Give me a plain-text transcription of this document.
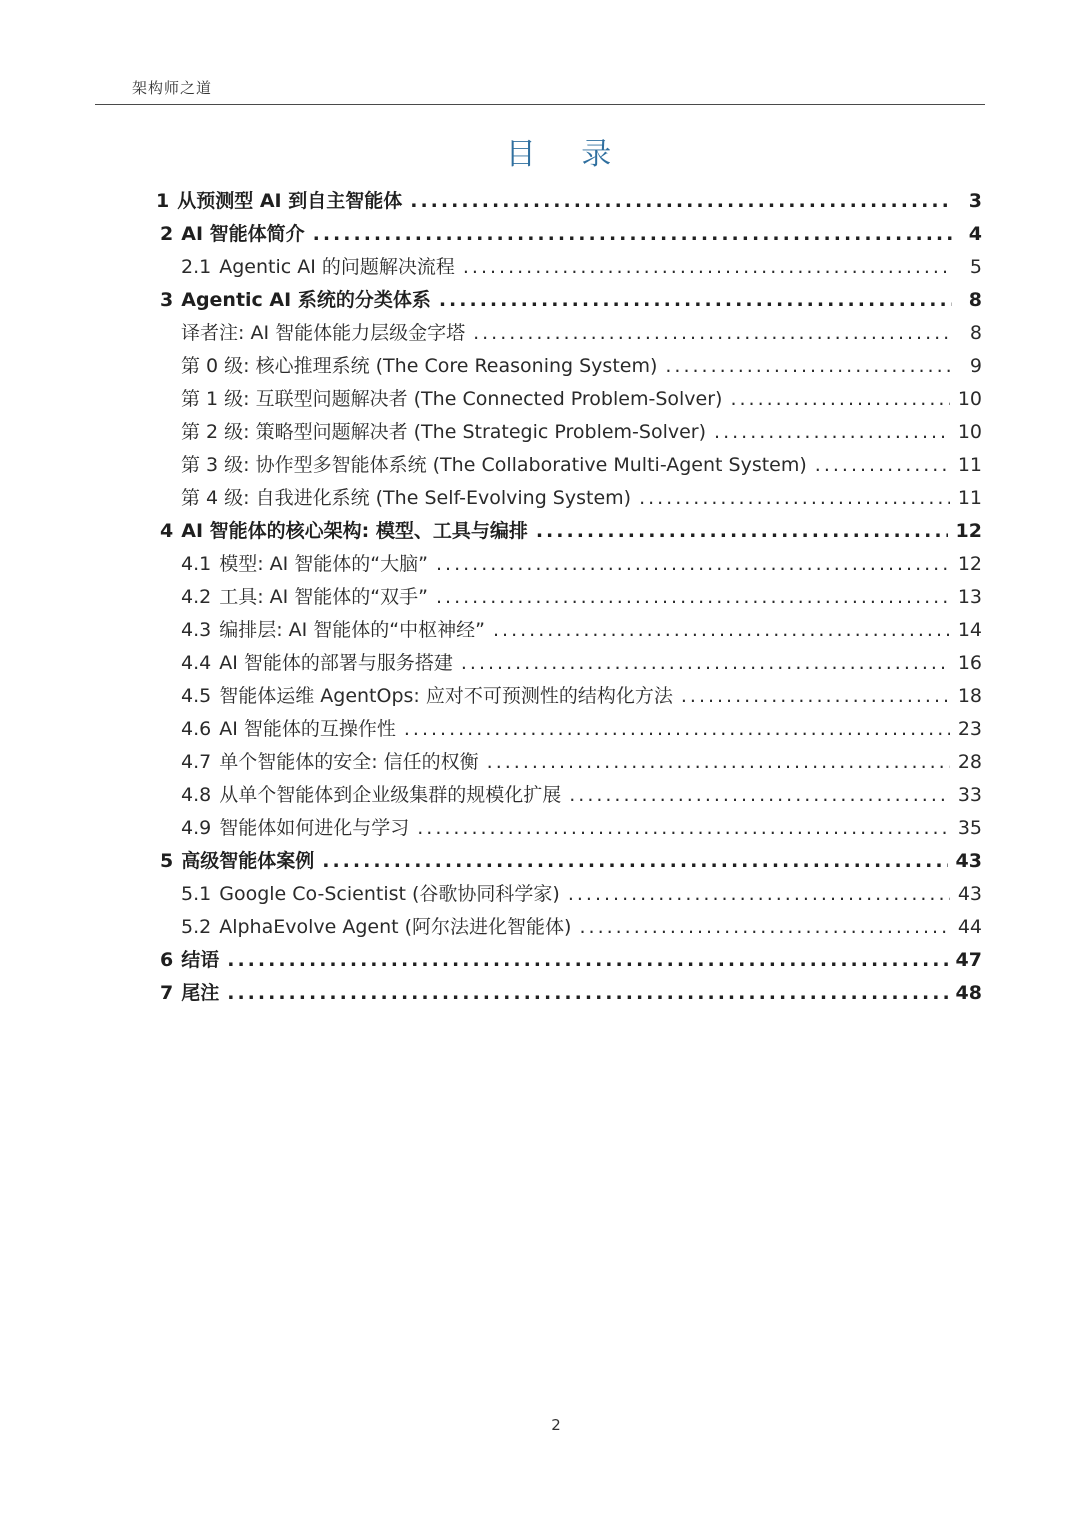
架构师之道
目 录
1 从预测型 AI 到自主智能体 .....	3
2 AI 智能体简介 .....	4
2.1 Agentic AI 的问题解决流程 .....	5
3 Agentic AI 系统的分类体系 .....	8
译者注: AI 智能体能力层级金字塔 .....	8
第 0 级: 核心推理系统 (The Core Reasoning System) .....	9
第 1 级: 互联型问题解决者 (The Connected Problem-Solver) .....	10
第 2 级: 策略型问题解决者 (The Strategic Problem-Solver) .....	10
第 3 级: 协作型多智能体系统 (The Collaborative Multi-Agent System) .....	11
第 4 级: 自我进化系统 (The Self-Evolving System) .....	11
4 AI 智能体的核心架构: 模型、工具与编排 .....	12
4.1 模型: AI 智能体的“大脑” .....	12
4.2 工具: AI 智能体的“双手” .....	13
4.3 编排层: AI 智能体的“中枢神经” .....	14
4.4 AI 智能体的部署与服务搭建 .....	16
4.5 智能体运维 AgentOps: 应对不可预测性的结构化方法 .....	18
4.6 AI 智能体的互操作性 .....	23
4.7 单个智能体的安全: 信任的权衡 .....	28
4.8 从单个智能体到企业级集群的规模化扩展 .....	33
4.9 智能体如何进化与学习 .....	35
5 高级智能体案例 .....	43
5.1 Google Co-Scientist (谷歌协同科学家) .....	43
5.2 AlphaEvolve Agent (阿尔法进化智能体) .....	44
6 结语 .....	47
7 尾注 .....	48
2
